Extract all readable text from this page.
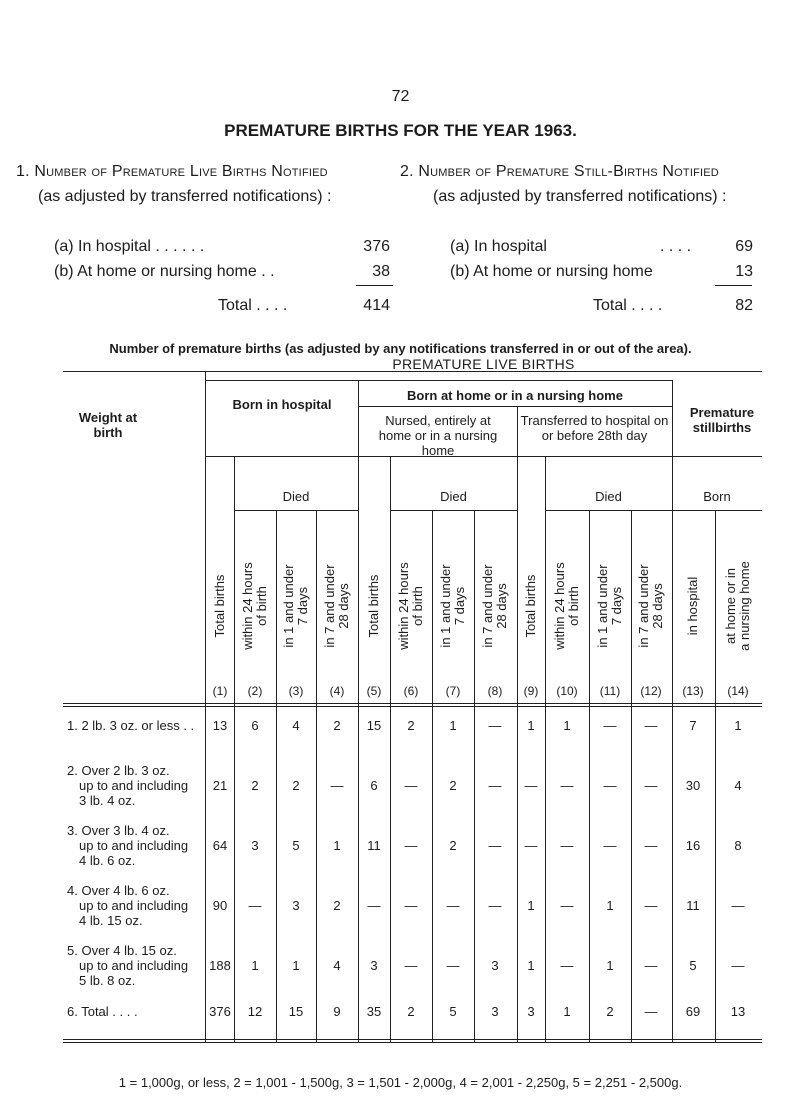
72
PREMATURE BIRTHS FOR THE YEAR 1963.
1. Number of Premature Live Births Notified
(as adjusted by transferred notifications) :
(a) In hospital . . . . . .	376
(b) At home or nursing home . .	38
Total . . . .	414
2. Number of Premature Still-Births Notified
(as adjusted by transferred notifications) :
(a) In hospital	. . . .	69
(b) At home or nursing home	13
Total . . . .	82
Number of premature births (as adjusted by any notifications transferred in or out of the area).
PREMATURE LIVE BIRTHS
Weight at birth
Born in hospital
Born at home or in a nursing home
Nursed, entirely at home or in a nursing home
Transferred to hospital on or before 28th day
Premature stillbirths
Died	Died	Died	Born
Total births
(1)
within 24 hours of birth
(2)
in 1 and under 7 days
(3)
in 7 and under 28 days
(4)
Total births
(5)
within 24 hours of birth
(6)
in 1 and under 7 days
(7)
in 7 and under 28 days
(8)
Total births
(9)
within 24 hours of birth
(10)
in 1 and under 7 days
(11)
in 7 and under 28 days
(12)
in hospital
(13)
at home or in a nursing home
(14)
1. 2 lb. 3 oz. or less . .	13	6	4	2	15	2	1	—	1	1	—	—	7	1
2. Over 2 lb. 3 oz.
up to and including
3 lb. 4 oz.
21	2	2	—	6	—	2	—	—	—	—	—	30	4
3. Over 3 lb. 4 oz.
up to and including
4 lb. 6 oz.
64	3	5	1	11	—	2	—	—	—	—	—	16	8
4. Over 4 lb. 6 oz.
up to and including
4 lb. 15 oz.
90	—	3	2	—	—	—	—	1	—	1	—	11	—
5. Over 4 lb. 15 oz.
up to and including
5 lb. 8 oz.
188	1	1	4	3	—	—	3	1	—	1	—	5	—
6. Total . . . .	376	12	15	9	35	2	5	3	3	1	2	—	69	13
1 = 1,000g, or less, 2 = 1,001 - 1,500g, 3 = 1,501 - 2,000g, 4 = 2,001 - 2,250g, 5 = 2,251 - 2,500g.
